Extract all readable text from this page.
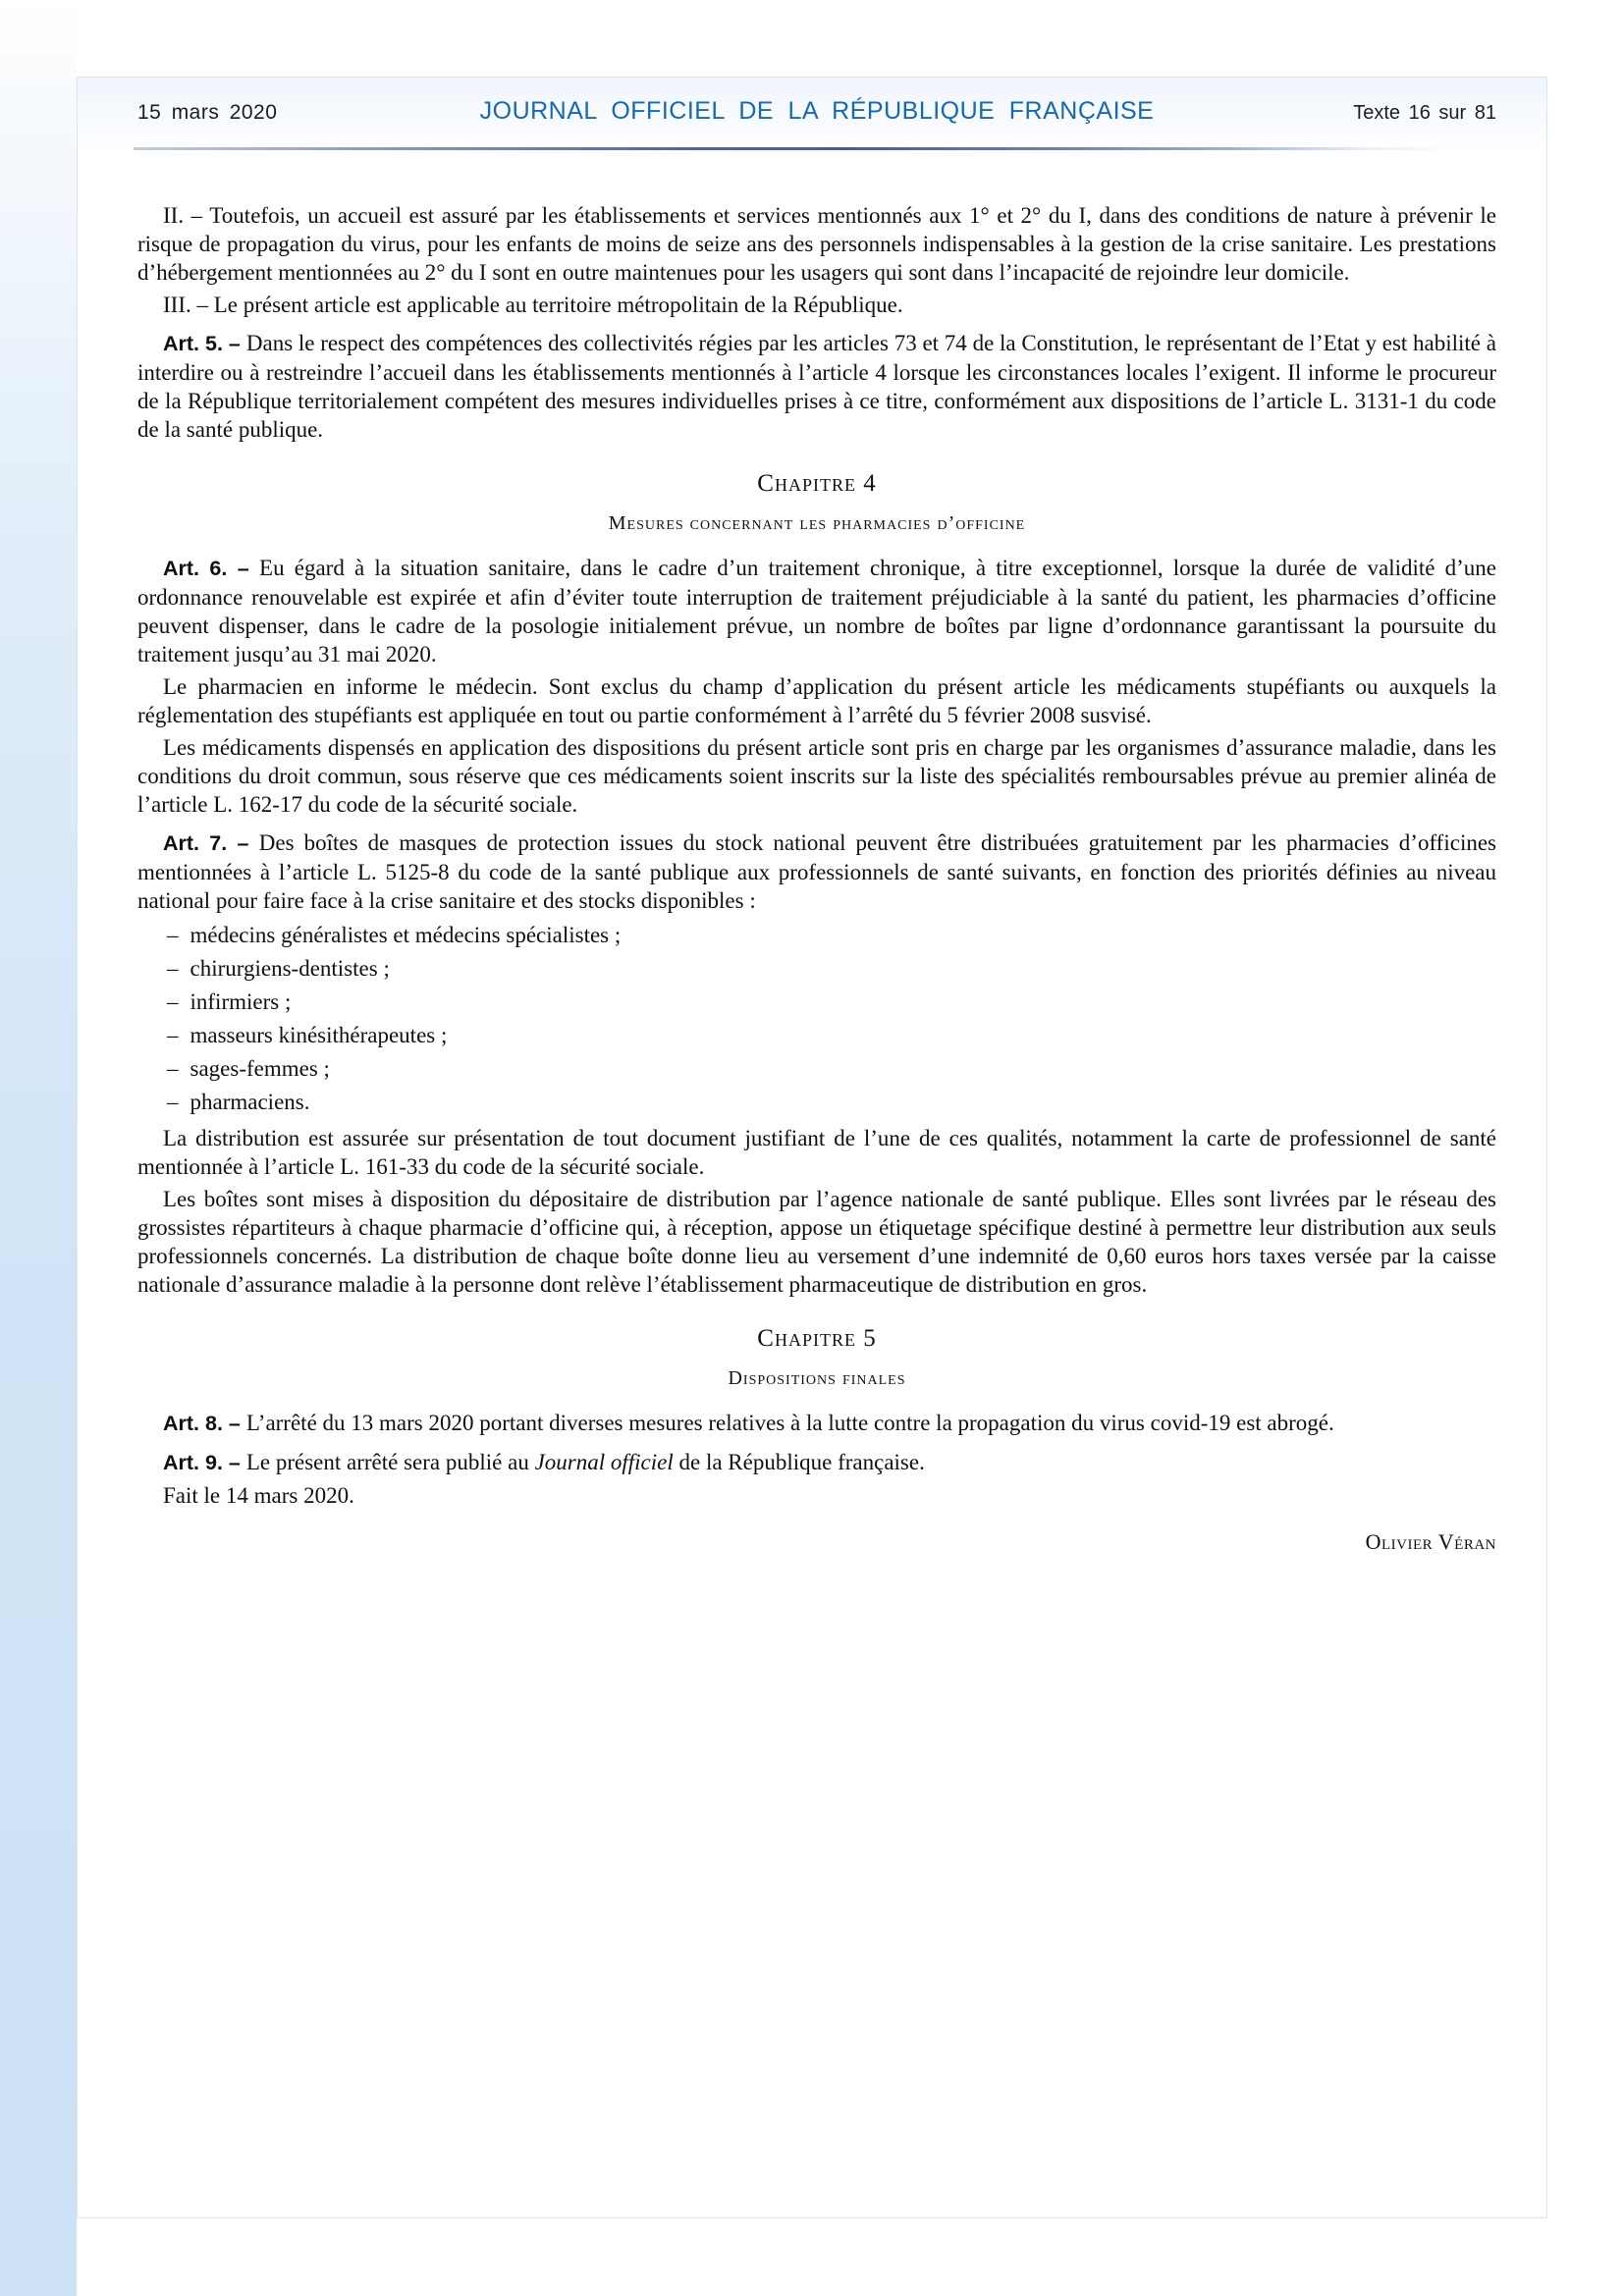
15 mars 2020	JOURNAL OFFICIEL DE LA RÉPUBLIQUE FRANÇAISE	Texte 16 sur 81

II. – Toutefois, un accueil est assuré par les établissements et services mentionnés aux 1° et 2° du I, dans des conditions de nature à prévenir le risque de propagation du virus, pour les enfants de moins de seize ans des personnels indispensables à la gestion de la crise sanitaire. Les prestations d’hébergement mentionnées au 2° du I sont en outre maintenues pour les usagers qui sont dans l’incapacité de rejoindre leur domicile.

III. – Le présent article est applicable au territoire métropolitain de la République.

Art. 5. – Dans le respect des compétences des collectivités régies par les articles 73 et 74 de la Constitution, le représentant de l’Etat y est habilité à interdire ou à restreindre l’accueil dans les établissements mentionnés à l’article 4 lorsque les circonstances locales l’exigent. Il informe le procureur de la République territorialement compétent des mesures individuelles prises à ce titre, conformément aux dispositions de l’article L. 3131-1 du code de la santé publique.

Chapitre 4
Mesures concernant les pharmacies d’officine

Art. 6. – Eu égard à la situation sanitaire, dans le cadre d’un traitement chronique, à titre exceptionnel, lorsque la durée de validité d’une ordonnance renouvelable est expirée et afin d’éviter toute interruption de traitement préjudiciable à la santé du patient, les pharmacies d’officine peuvent dispenser, dans le cadre de la posologie initialement prévue, un nombre de boîtes par ligne d’ordonnance garantissant la poursuite du traitement jusqu’au 31 mai 2020.

Le pharmacien en informe le médecin. Sont exclus du champ d’application du présent article les médicaments stupéfiants ou auxquels la réglementation des stupéfiants est appliquée en tout ou partie conformément à l’arrêté du 5 février 2008 susvisé.

Les médicaments dispensés en application des dispositions du présent article sont pris en charge par les organismes d’assurance maladie, dans les conditions du droit commun, sous réserve que ces médicaments soient inscrits sur la liste des spécialités remboursables prévue au premier alinéa de l’article L. 162-17 du code de la sécurité sociale.

Art. 7. – Des boîtes de masques de protection issues du stock national peuvent être distribuées gratuitement par les pharmacies d’officines mentionnées à l’article L. 5125-8 du code de la santé publique aux professionnels de santé suivants, en fonction des priorités définies au niveau national pour faire face à la crise sanitaire et des stocks disponibles :

– médecins généralistes et médecins spécialistes ;
– chirurgiens-dentistes ;
– infirmiers ;
– masseurs kinésithérapeutes ;
– sages-femmes ;
– pharmaciens.

La distribution est assurée sur présentation de tout document justifiant de l’une de ces qualités, notamment la carte de professionnel de santé mentionnée à l’article L. 161-33 du code de la sécurité sociale.

Les boîtes sont mises à disposition du dépositaire de distribution par l’agence nationale de santé publique. Elles sont livrées par le réseau des grossistes répartiteurs à chaque pharmacie d’officine qui, à réception, appose un étiquetage spécifique destiné à permettre leur distribution aux seuls professionnels concernés. La distribution de chaque boîte donne lieu au versement d’une indemnité de 0,60 euros hors taxes versée par la caisse nationale d’assurance maladie à la personne dont relève l’établissement pharmaceutique de distribution en gros.

Chapitre 5
Dispositions finales

Art. 8. – L’arrêté du 13 mars 2020 portant diverses mesures relatives à la lutte contre la propagation du virus covid-19 est abrogé.

Art. 9. – Le présent arrêté sera publié au Journal officiel de la République française.

Fait le 14 mars 2020.

Olivier Véran
